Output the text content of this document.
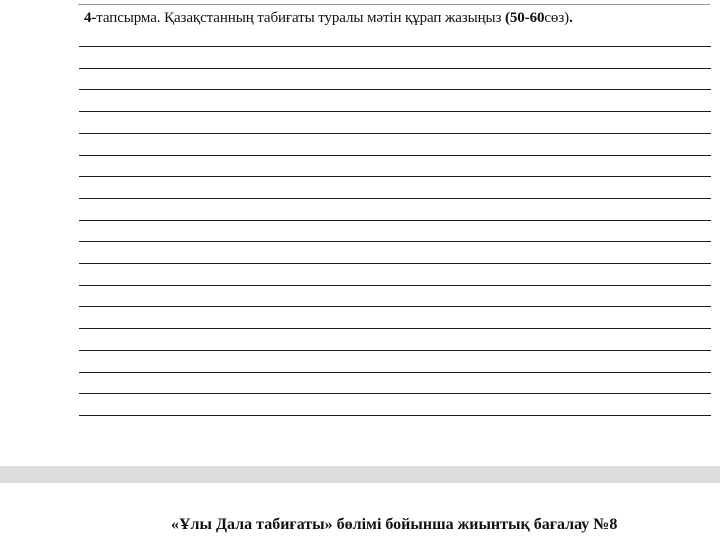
4-тапсырма. Қазақстанның табиғаты туралы мәтін құрап жазыңыз (50-60сөз).
«Ұлы Дала табиғаты» бөлімі бойынша жиынтық бағалау №8
